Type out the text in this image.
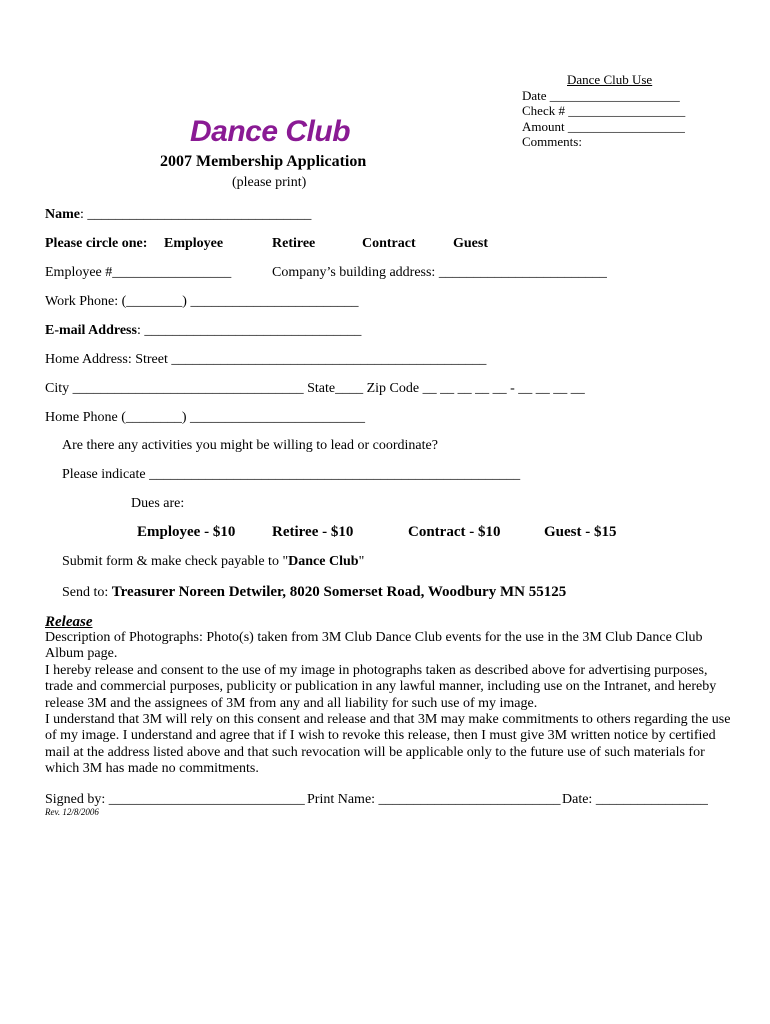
Dance Club Use
Date ____________________
Check # __________________
Amount __________________
Comments:
Dance Club
2007 Membership Application
(please print)
Name: ________________________________
Please circle one: Employee	Retiree	Contract	Guest
Employee #_________________	Company’s building address: ________________________
Work Phone: (________) ________________________
E-mail Address: _______________________________
Home Address: Street _____________________________________________
City _________________________________ State____ Zip Code __ __ __ __ __ - __ __ __ __
Home Phone (________) _________________________
Are there any activities you might be willing to lead or coordinate?
Please indicate _____________________________________________________
Dues are:
Employee - $10 Retiree - $10	Contract - $10	Guest - $15
Submit form & make check payable to "Dance Club"
Send to: Treasurer Noreen Detwiler, 8020 Somerset Road, Woodbury MN 55125
Release

Description of Photographs: Photo(s) taken from 3M Club Dance Club events for the use in the 3M Club Dance Club Album page.

I hereby release and consent to the use of my image in photographs taken as described above for advertising purposes, trade and commercial purposes, publicity or publication in any lawful manner, including use on the Intranet, and hereby release 3M and the assignees of 3M from any and all liability for such use of my image.

I understand that 3M will rely on this consent and release and that 3M may make commitments to others regarding the use of my image. I understand and agree that if I wish to revoke this release, then I must give 3M written notice by certified mail at the address listed above and that such revocation will be applicable only to the future use of such materials for which 3M has made no commitments.

Signed by: ____________________________ Print Name: __________________________ Date: ________________
Rev. 12/8/2006
